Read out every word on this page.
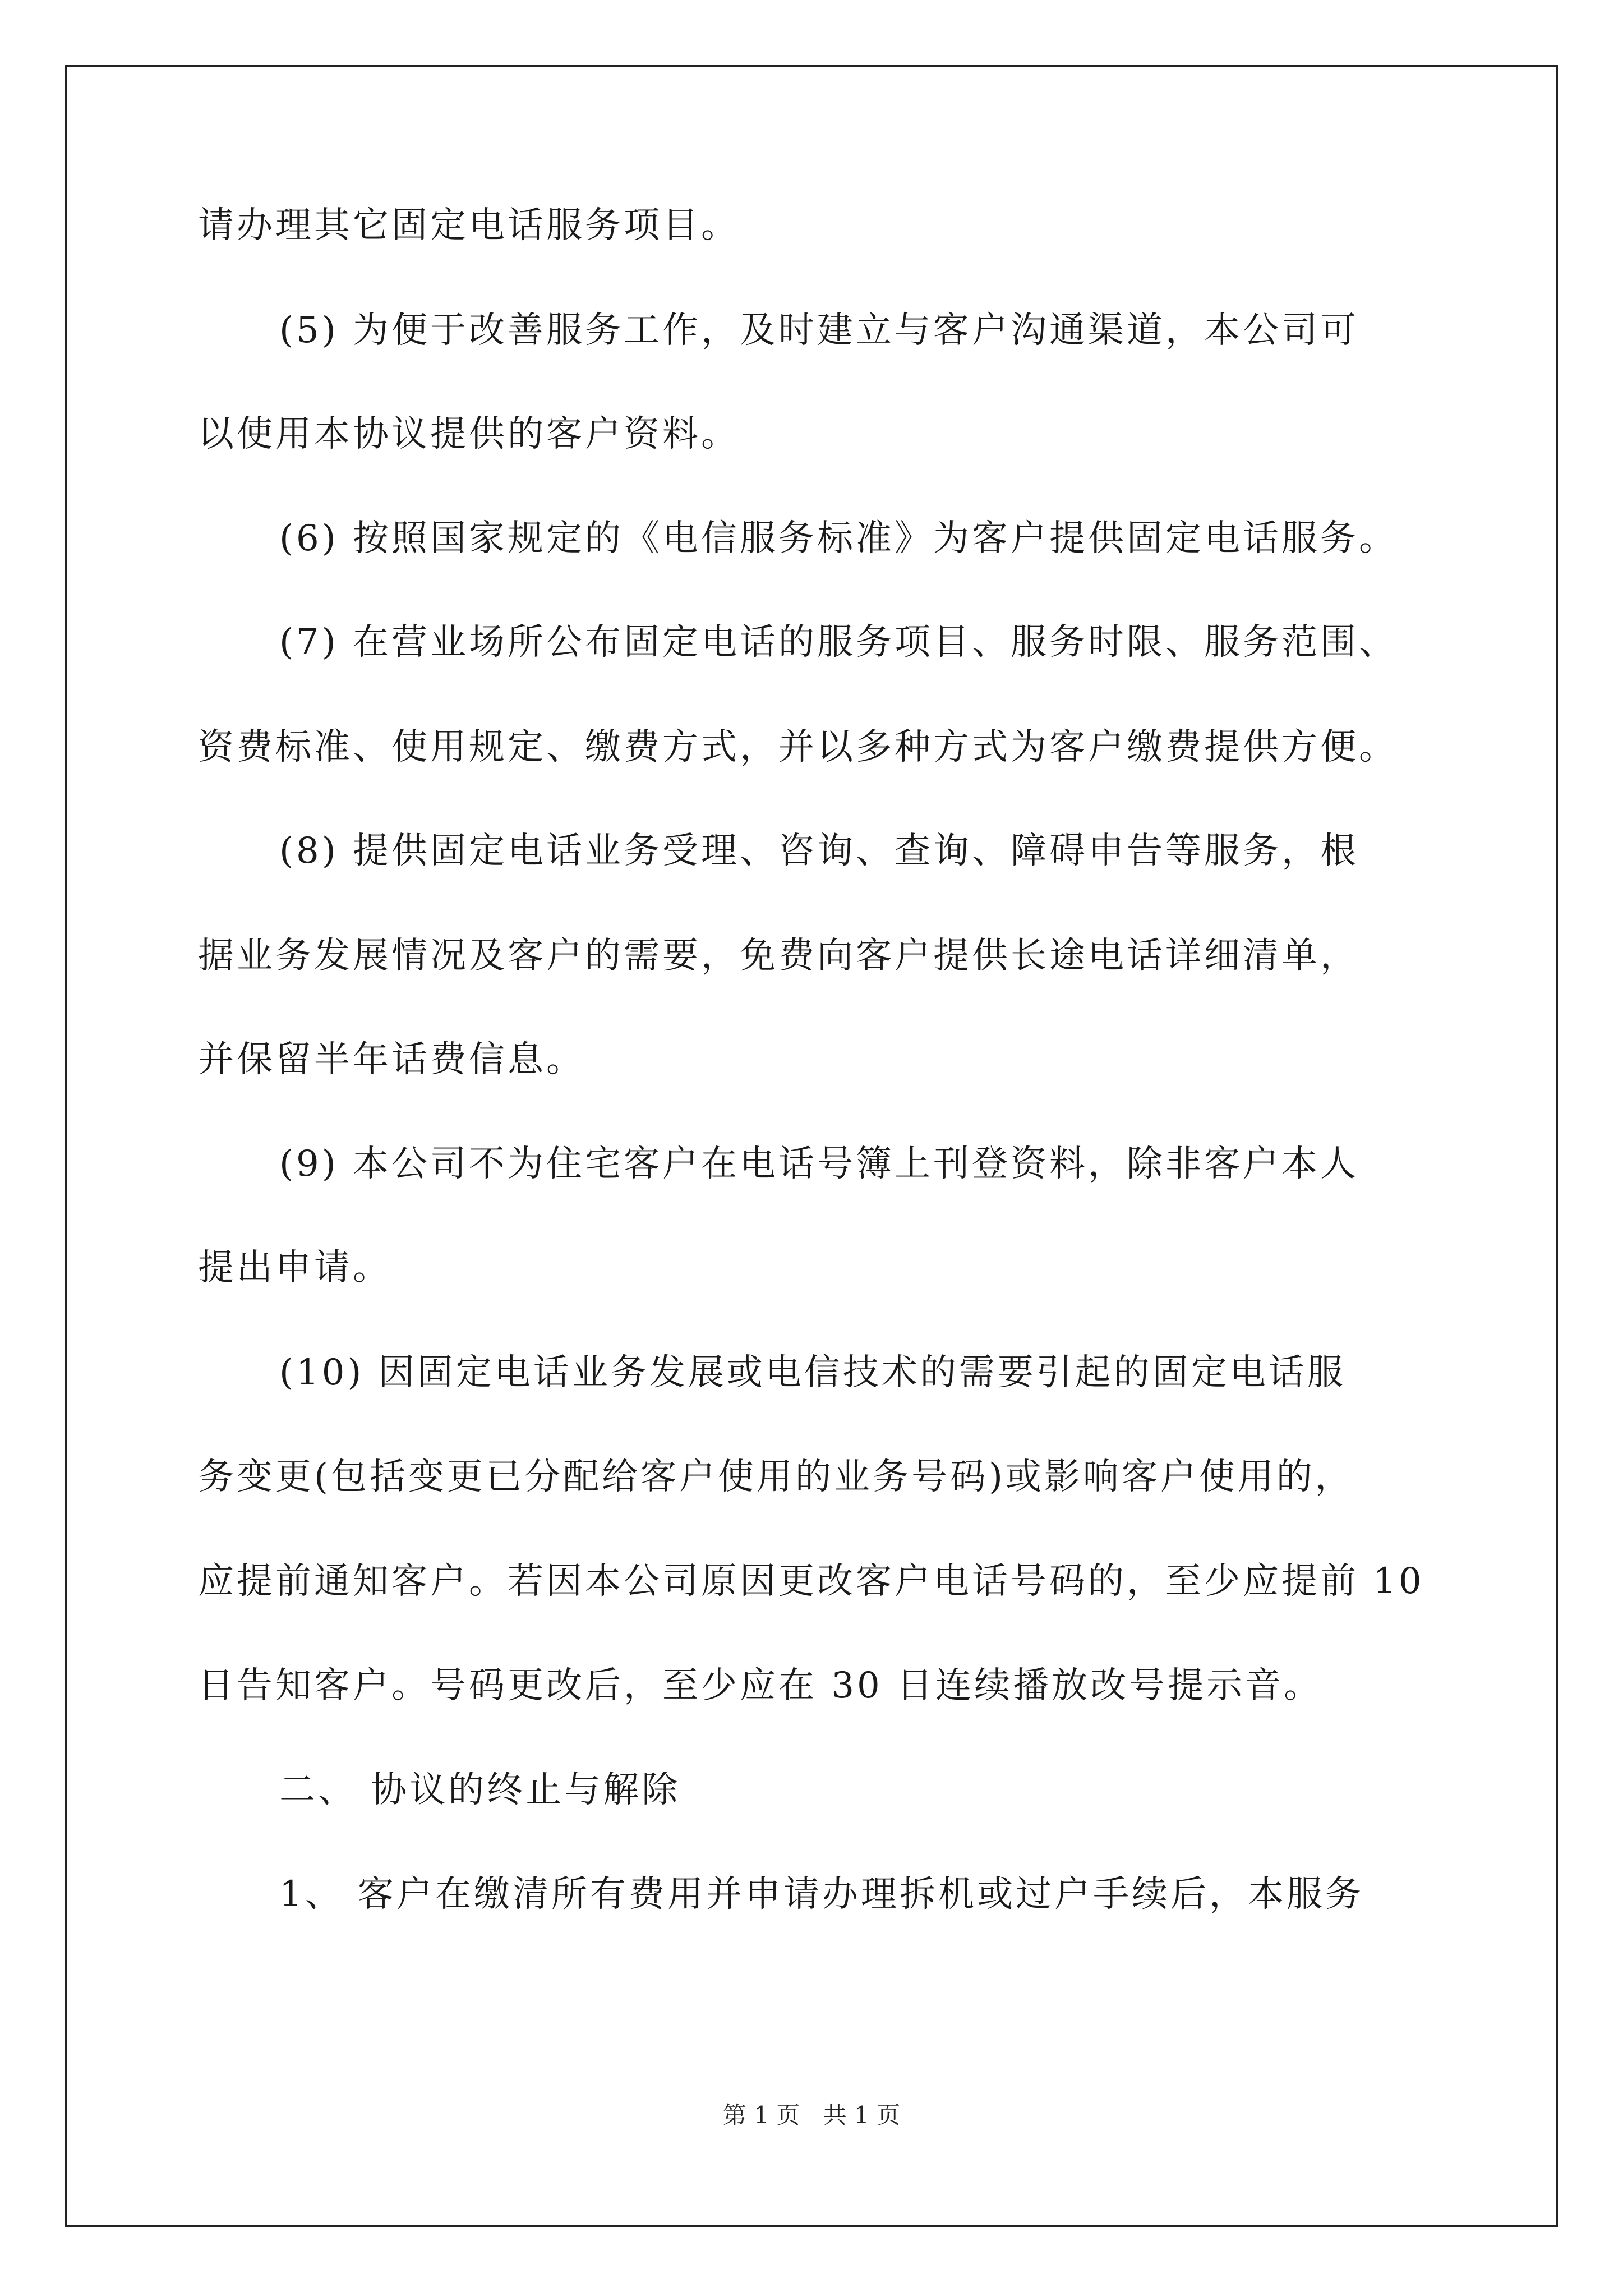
请办理其它固定电话服务项目。
(5) 为便于改善服务工作，及时建立与客户沟通渠道，本公司可
以使用本协议提供的客户资料。
(6) 按照国家规定的《电信服务标准》为客户提供固定电话服务。
(7) 在营业场所公布固定电话的服务项目、服务时限、服务范围、
资费标准、使用规定、缴费方式，并以多种方式为客户缴费提供方便。
(8) 提供固定电话业务受理、咨询、查询、障碍申告等服务，根
据业务发展情况及客户的需要，免费向客户提供长途电话详细清单，
并保留半年话费信息。
(9) 本公司不为住宅客户在电话号簿上刊登资料，除非客户本人
提出申请。
(10) 因固定电话业务发展或电信技术的需要引起的固定电话服
务变更(包括变更已分配给客户使用的业务号码)或影响客户使用的，
应提前通知客户。若因本公司原因更改客户电话号码的，至少应提前 10
日告知客户。号码更改后，至少应在 30 日连续播放改号提示音。
二、 协议的终止与解除
1、 客户在缴清所有费用并申请办理拆机或过户手续后，本服务
第 1 页 共 1 页
